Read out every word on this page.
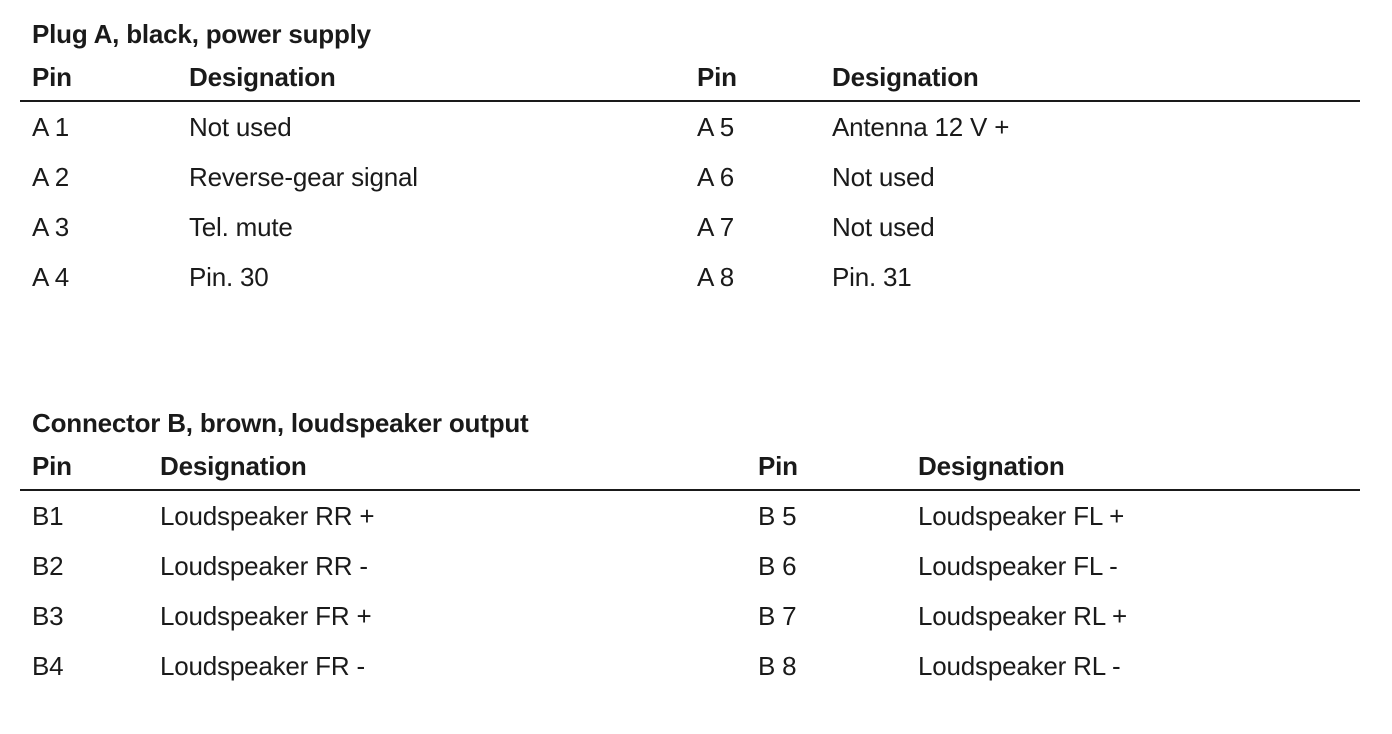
Plug A, black, power supply
Pin	Designation	Pin	Designation
A 1	Not used	A 5	Antenna 12 V +
A 2	Reverse-gear signal	A 6	Not used
A 3	Tel. mute	A 7	Not used
A 4	Pin. 30	A 8	Pin. 31
Connector B, brown, loudspeaker output
Pin	Designation	Pin	Designation
B1	Loudspeaker RR +	B 5	Loudspeaker FL +
B2	Loudspeaker RR -	B 6	Loudspeaker FL -
B3	Loudspeaker FR +	B 7	Loudspeaker RL +
B4	Loudspeaker FR -	B 8	Loudspeaker RL -
